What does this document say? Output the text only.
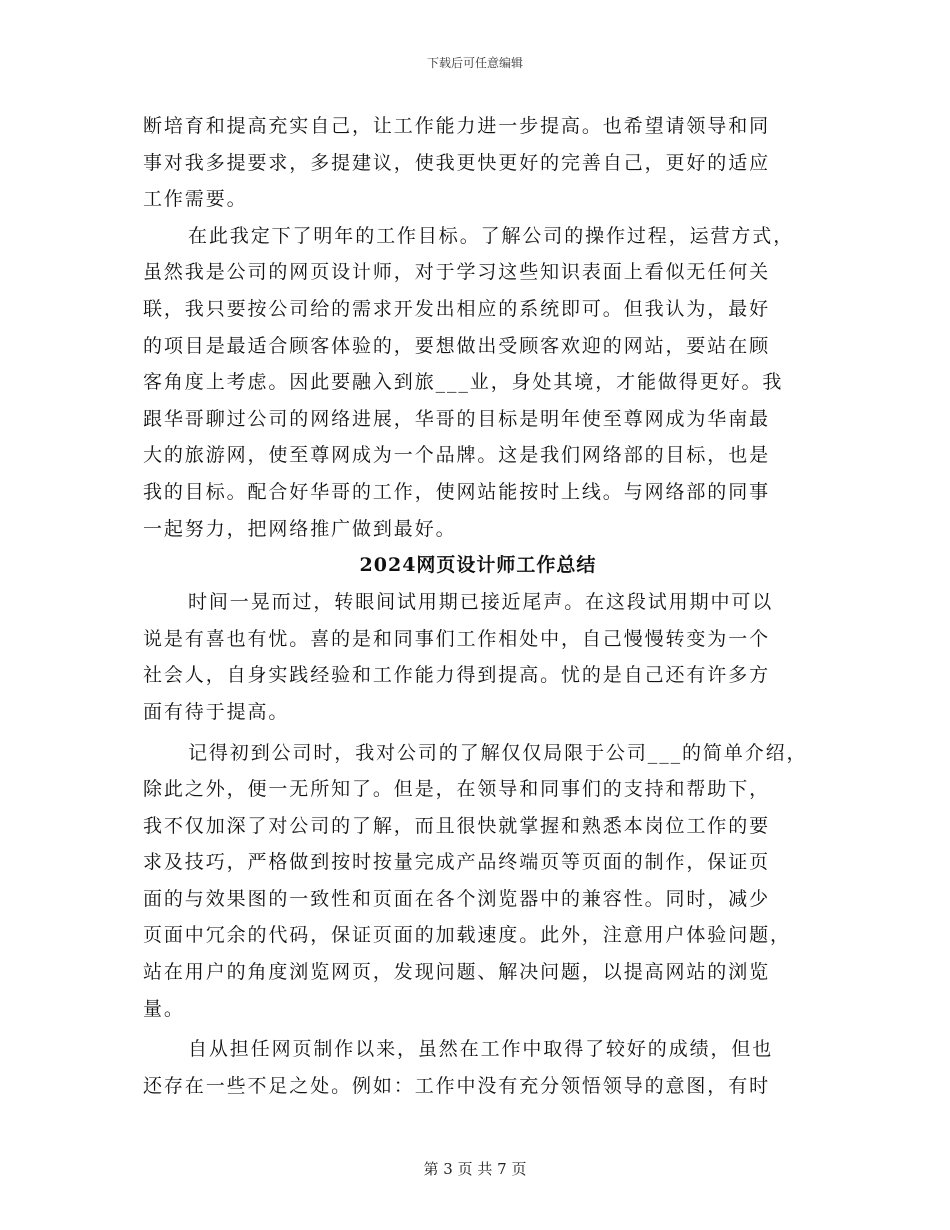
下载后可任意编辑
断培育和提高充实自己，让工作能力进一步提高。也希望请领导和同
事对我多提要求，多提建议，使我更快更好的完善自己，更好的适应
工作需要。
在此我定下了明年的工作目标。了解公司的操作过程，运营方式，
虽然我是公司的网页设计师，对于学习这些知识表面上看似无任何关
联，我只要按公司给的需求开发出相应的系统即可。但我认为，最好
的项目是最适合顾客体验的，要想做出受顾客欢迎的网站，要站在顾
客角度上考虑。因此要融入到旅___业，身处其境，才能做得更好。我
跟华哥聊过公司的网络进展，华哥的目标是明年使至尊网成为华南最
大的旅游网，使至尊网成为一个品牌。这是我们网络部的目标，也是
我的目标。配合好华哥的工作，使网站能按时上线。与网络部的同事
一起努力，把网络推广做到最好。
2024网页设计师工作总结
时间一晃而过，转眼间试用期已接近尾声。在这段试用期中可以
说是有喜也有忧。喜的是和同事们工作相处中，自己慢慢转变为一个
社会人，自身实践经验和工作能力得到提高。忧的是自己还有许多方
面有待于提高。
记得初到公司时，我对公司的了解仅仅局限于公司___的简单介绍，
除此之外，便一无所知了。但是，在领导和同事们的支持和帮助下，
我不仅加深了对公司的了解，而且很快就掌握和熟悉本岗位工作的要
求及技巧，严格做到按时按量完成产品终端页等页面的制作，保证页
面的与效果图的一致性和页面在各个浏览器中的兼容性。同时，减少
页面中冗余的代码，保证页面的加载速度。此外，注意用户体验问题，
站在用户的角度浏览网页，发现问题、解决问题，以提高网站的浏览
量。
自从担任网页制作以来，虽然在工作中取得了较好的成绩，但也
还存在一些不足之处。例如：工作中没有充分领悟领导的意图，有时
第 3 页 共 7 页
